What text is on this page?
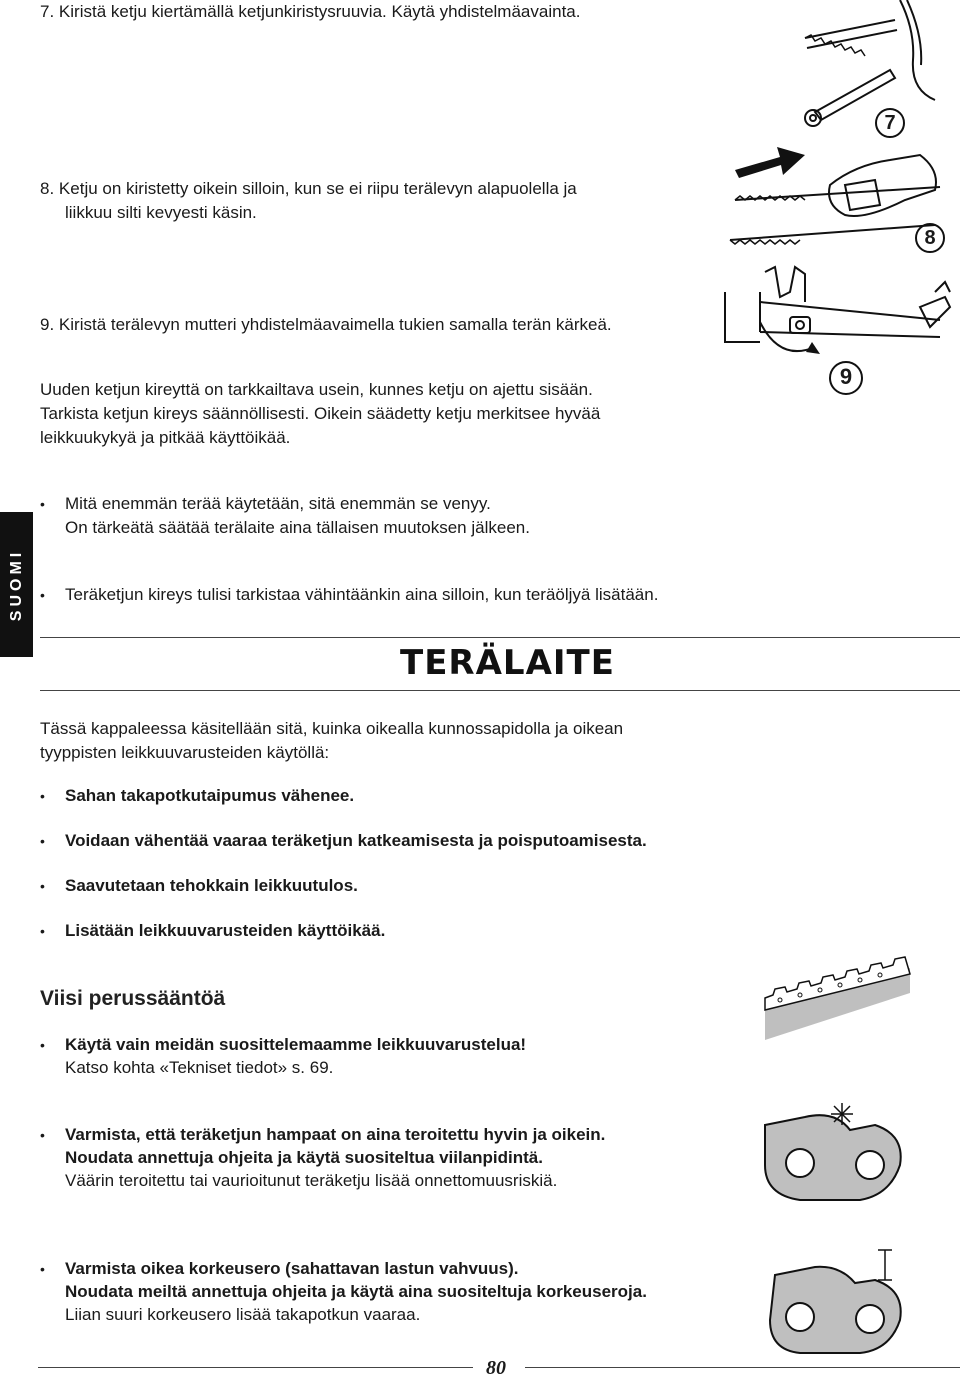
SUOMI

7. Kiristä ketju kiertämällä ketjunkiristysruuvia. Käytä yhdistelmäavainta.

8. Ketju on kiristetty oikein silloin, kun se ei riipu terälevyn alapuolella ja

liikkuu silti kevyesti käsin.

9. Kiristä terälevyn mutteri yhdistelmäavaimella tukien samalla terän kärkeä.

Uuden ketjun kireyttä on tarkkailtava usein, kunnes ketju on ajettu sisään.

Tarkista ketjun kireys säännöllisesti. Oikein säädetty ketju merkitsee hyvää

leikkuukykyä ja pitkää käyttöikää.

• Mitä enemmän terää käytetään, sitä enemmän se venyy.

On tärkeätä säätää terälaite aina tällaisen muutoksen jälkeen.

• Teräketjun kireys tulisi tarkistaa vähintäänkin aina silloin, kun teräöljyä lisätään.

7
8
9

TERÄLAITE

Tässä kappaleessa käsitellään sitä, kuinka oikealla kunnossapidolla ja oikean

tyyppisten leikkuuvarusteiden käytöllä:

• Sahan takapotkutaipumus vähenee.

• Voidaan vähentää vaaraa teräketjun katkeamisesta ja poisputoamisesta.

• Saavutetaan tehokkain leikkuutulos.

• Lisätään leikkuuvarusteiden käyttöikää.

Viisi perussääntöä

• Käytä vain meidän suosittelemaamme leikkuuvarustelua!

Katso kohta «Tekniset tiedot» s. 69.

• Varmista, että teräketjun hampaat on aina teroitettu hyvin ja oikein.

Noudata annettuja ohjeita ja käytä suositeltua viilanpidintä.

Väärin teroitettu tai vaurioitunut teräketju lisää onnettomuusriskiä.

• Varmista oikea korkeusero (sahattavan lastun vahvuus).

Noudata meiltä annettuja ohjeita ja käytä aina suositeltuja korkeuseroja.

Liian suuri korkeusero lisää takapotkun vaaraa.

80
